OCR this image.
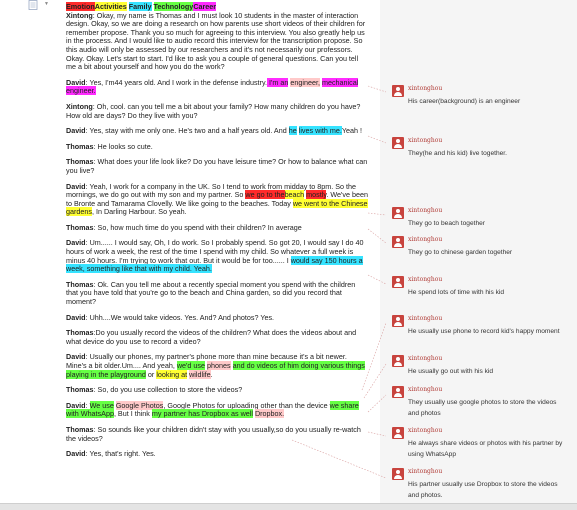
▼ EmotionActivities Family TechnologyCareer

Xintong: Okay, my name is Thomas and I must look 10 students in the master of interaction design. Okay, so we are doing a research on how parents use short videos of their children for remember propose. Thank you so much for agreeing to this interview. You also greatly help us in the process. And I would like to audio record this interview for the transcription propose. So this audio will only be assessed by our researchers and it's not necessarily our professors. Okay. Okay. Let's start to start. I'd like to ask you a couple of general questions. Can you tell me a bit about yourself and how you do the work?

David: Yes, I'm44 years old. And I work in the defense industry. I'm an engineer, mechanical engineer.

Xintong: Oh, cool. can you tell me a bit about your family? How many children do you have? How old are days? Do they live with you?

David: Yes, stay with me only one. He's two and a half years old. And he lives with me.Yeah !

Thomas: He looks so cute.

Thomas: What does your life look like? Do you have leisure time? Or how to balance what can you live?

David: Yeah, I work for a company in the UK. So I tend to work from midday to 8pm. So the mornings, we do go out with my son and my partner. So we go to thebeach mostly. We've been to Bronte and Tamarama Clovelly. We like going to the beaches. Today we went to the Chinese gardens, In Darling Harbour. So yeah.

Thomas: So, how much time do you spend with their children? In average

David: Um...... I would say, Oh, I do work. So I probably spend. So got 20, I would say I do 40 hours of work a week, the rest of the time I spend with my child. So whatever a full week is minus 40 hours. I'm trying to work that out. But it would be for too...... I would say 150 hours a week, something like that with my child. Yeah.

Thomas: Ok. Can you tell me about a recently special moment you spend with the children that you have told that you're go to the beach and China garden, so did you record that moment?

David: Uhh....We would take videos. Yes. And? And photos? Yes.

Thomas:Do you usually record the videos of the children? What does the videos about and what device do you use to record a video?

David: Usually our phones, my partner's phone more than mine because it's a bit newer. Mine's a bit older.Um.... And yeah, we'd use phones and do videos of him doing various things playing in the playground or looking at wildlife.

Thomas: So, do you use collection to store the videos?

David: We use Google Photos, Google Photos for uploading other than the device we share with WhatsApp, But I think my partner has Dropbox as well Dropbox.

Thomas: So sounds like your children didn't stay with you usually,so do you usually re-watch the videos?

David: Yes, that's right. Yes.

xintonghou
His career(background) is an engineer
xintonghou
They(he and his kid) live together.
xintonghou
They go to beach together
xintonghou
They go to chinese garden together
xintonghou
He spend lots of time with his kid
xintonghou
He usually use phone to record kid's happy moment
xintonghou
He usually go out with his kid
xintonghou
They usually use google photos to store the videos and photos
xintonghou
He always share videos or photos with his partner by using WhatsApp
xintonghou
His partner usually use Dropbox to store the videos and photos.
